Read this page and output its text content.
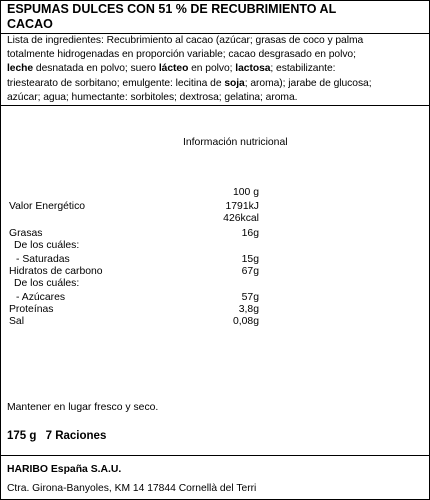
ESPUMAS DULCES CON 51 % DE RECUBRIMIENTO AL
CACAO
Lista de ingredientes: Recubrimiento al cacao (azúcar; grasas de coco y palma
totalmente hidrogenadas en proporción variable; cacao desgrasado en polvo;
leche desnatada en polvo; suero lácteo en polvo; lactosa; estabilizante:
triestearato de sorbitano; emulgente: lecitina de soja; aroma); jarabe de glucosa;
azúcar; agua; humectante: sorbitoles; dextrosa; gelatina; aroma.
Información nutricional
100 g
Valor Energético	1791kJ
426kcal
Grasas	16g
De los cuáles:
- Saturadas	15g
Hidratos de carbono	67g
De los cuáles:
- Azúcares	57g
Proteínas	3,8g
Sal	0,08g
Mantener en lugar fresco y seco.
175 g 7 Raciones
HARIBO España S.A.U.
Ctra. Girona-Banyoles, KM 14 17844 Cornellà del Terri
